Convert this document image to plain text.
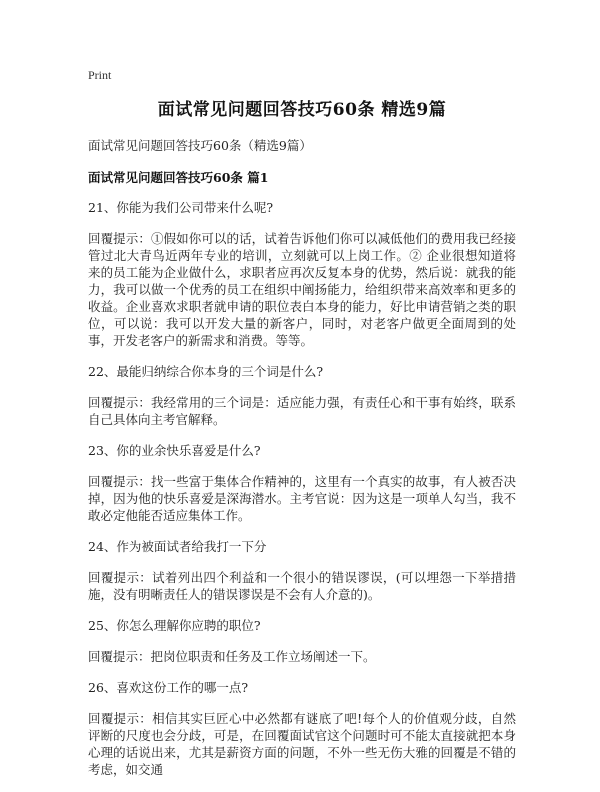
Print
面试常见问题回答技巧60条 精选9篇
面试常见问题回答技巧60条（精选9篇）
面试常见问题回答技巧60条 篇1
21、你能为我们公司带来什么呢?
回覆提示：①假如你可以的话，试着告诉他们你可以减低他们的费用我已经接管过北大青鸟近两年专业的培训，立刻就可以上岗工作。② 企业很想知道将来的员工能为企业做什么，求职者应再次反复本身的优势，然后说：就我的能力，我可以做一个优秀的员工在组织中阐扬能力，给组织带来高效率和更多的收益。企业喜欢求职者就申请的职位表白本身的能力，好比申请营销之类的职位，可以说：我可以开发大量的新客户，同时，对老客户做更全面周到的处事，开发老客户的新需求和消费。等等。
22、最能归纳综合你本身的三个词是什么?
回覆提示：我经常用的三个词是：适应能力强，有责任心和干事有始终，联系自己具体向主考官解释。
23、你的业余快乐喜爱是什么?
回覆提示：找一些富于集体合作精神的，这里有一个真实的故事，有人被否决掉，因为他的快乐喜爱是深海潜水。主考官说：因为这是一项单人勾当，我不敢必定他能否适应集体工作。
24、作为被面试者给我打一下分
回覆提示：试着列出四个利益和一个很小的错误谬误，(可以埋怨一下举措措施，没有明晰责任人的错误谬误是不会有人介意的)。
25、你怎么理解你应聘的职位?
回覆提示：把岗位职责和任务及工作立场阐述一下。
26、喜欢这份工作的哪一点?
回覆提示：相信其实巨匠心中必然都有谜底了吧!每个人的价值观分歧，自然评断的尺度也会分歧，可是，在回覆面试官这个问题时可不能太直接就把本身心理的话说出来，尤其是薪资方面的问题，不外一些无伤大雅的回覆是不错的考虑，如交通
